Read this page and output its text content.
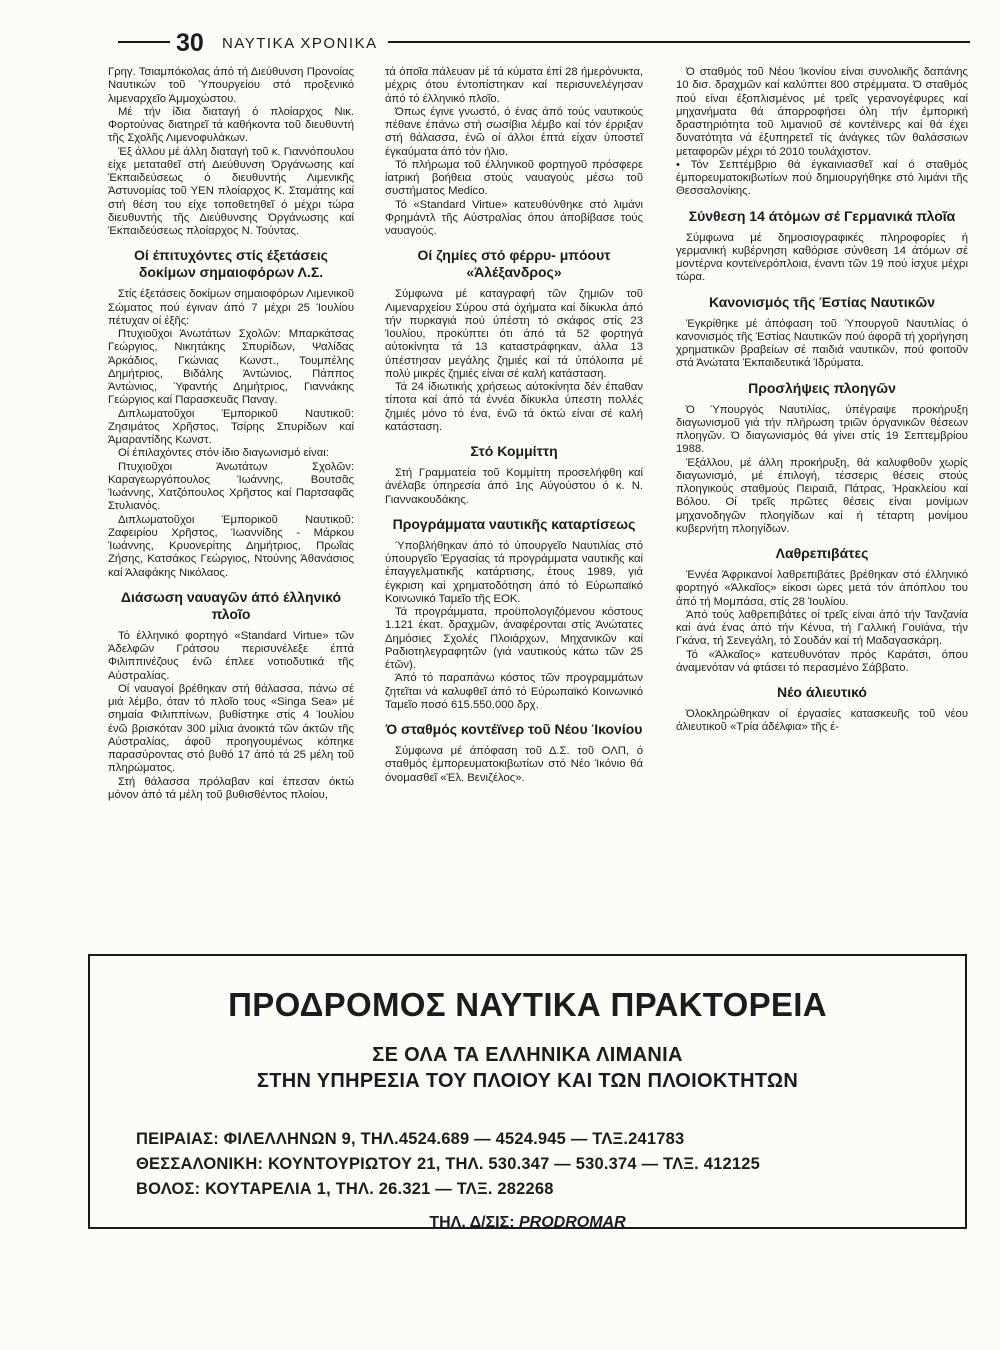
30 ΝΑΥΤΙΚΑ ΧΡΟΝΙΚΑ

Γρηγ. Τσιαμπόκολας άπό τή Διεύθυνση Προνοίας Ναυτικών τοῦ Ύπουργείου στό προξενικό λιμεναρχεῖο Άμμοχώστου.

Μέ τήν ίδια διαταγή ό πλοίαρχος Νικ. Φορτούνας διατηρεῖ τά καθήκοντα τοῦ διευθυντή τῆς Σχολῆς Λιμενοφυλάκων.

Έξ άλλου μέ άλλη διαταγή τοῦ κ. Γιαννόπουλου είχε μεταταθεῖ στή Διεύθυνση Όργάνωσης καί Έκπαιδεύσεως ό διευθυντής Λιμενικῆς Άστυνομίας τοῦ ΥΕΝ πλοίαρχος Κ. Σταμάτης καί στή θέση του είχε τοποθετηθεῖ ό μέχρι τώρα διευθυντής τῆς Διεύθυνσης Όργάνωσης καί Έκπαιδεύσεως πλοίαρχος Ν. Τούντας.

Οί έπιτυχόντες στίς έξετάσεις δοκίμων σημαιοφόρων Λ.Σ.

Στίς έξετάσεις δοκίμων σημαιοφόρων Λιμενικοῦ Σώματος πού έγιναν άπό 7 μέχρι 25 Ίουλίου πέτυχαν οί έξῆς:

Πτυχιοῦχοι Άνωτάτων Σχολῶν: Μπαρκάτσας Γεώργιος, Νικητάκης Σπυρίδων, Ψαλίδας Άρκάδιος, Γκώνιας Κωνστ., Τουμπέλης Δημήτριος, Βιδάλης Άντώνιος, Πάππος Άντώνιος, Ύφαντής Δημήτριος, Γιαννάκης Γεώργιος καί Παρασκευᾶς Παναγ.

Διπλωματοῦχοι Έμπορικοῦ Ναυτικοῦ: Ζησιμάτος Χρῆστος, Τσίρης Σπυρίδων καί Άμαραντίδης Κωνστ.

Οί έπιλαχόντες στόν ίδιο διαγωνισμό είναι:

Πτυχιοῦχοι Άνωτάτων Σχολῶν: Καραγεωργόπουλος Ίωάννης, Βουτσᾶς Ίωάννης, Χατζόπουλος Χρῆστος καί Παρτσαφᾶς Στυλιανός.

Διπλωματοῦχοι Έμπορικοῦ Ναυτικοῦ: Ζαφειρίου Χρῆστος, Ίωαννίδης - Μάρκου Ίωάννης, Κρυονερίτης Δημήτριος, Πρωΐας Ζήσης, Κατσάκος Γεώργιος, Ντούνης Άθανάσιος καί Άλαφάκης Νικόλαος.

Διάσωση ναυαγῶν άπό έλληνικό πλοῖο

Τό έλληνικό φορτηγό «Standard Virtue» τῶν Άδελφῶν Γράτσου περισυνέλεξε έπτά Φιλιππινέζους ένῶ έπλεε νοτιοδυτικά τῆς Αύστραλίας.

Οί ναυαγοί βρέθηκαν στή θάλασσα, πάνω σέ μιά λέμβο, όταν τό πλοῖο τους «Singa Sea» μέ σημαία Φιλιππίνων, βυθίστηκε στίς 4 Ίουλίου ένῶ βρισκόταν 300 μίλια άνοικτά τῶν άκτῶν τῆς Αύστραλίας, άφοῦ προηγουμένως κόπηκε παρασύροντας στό βυθό 17 άπό τά 25 μέλη τοῦ πληρώματος.

Στή θάλασσα πρόλαβαν καί έπεσαν όκτώ μόνον άπό τά μέλη τοῦ βυθισθέντος πλοίου,

τά όποῖα πάλευαν μέ τά κύματα έπί 28 ήμερόνυκτα, μέχρις ότου έντοπίστηκαν καί περισυνελέγησαν άπό τό έλληνικό πλοῖο.

Όπως έγινε γνωστό, ό ένας άπό τούς ναυτικούς πέθανε έπάνω στή σωσίβια λέμβο καί τόν έρριξαν στή θάλασσα, ένῶ οί άλλοι έπτά είχαν ύποστεῖ έγκαύματα άπό τόν ήλιο.

Τό πλήρωμα τοῦ έλληνικοῦ φορτηγοῦ πρόσφερε ίατρική βοήθεια στούς ναυαγούς μέσω τοῦ συστήματος Medico.

Τό «Standard Virtue» κατευθύνθηκε στό λιμάνι Φρημάντλ τῆς Αύστραλίας όπου άποβίβασε τούς ναυαγούς.

Οί ζημίες στό φέρρυ- μπόουτ «Άλέξανδρος»

Σύμφωνα μέ καταγραφή τῶν ζημιῶν τοῦ Λιμεναρχείου Σύρου στά όχήματα καί δίκυκλα άπό τήν πυρκαγιά πού ύπέστη τό σκάφος στίς 23 Ίουλίου, προκύπτει ότι άπό τά 52 φορτηγά αύτοκίνητα τά 13 καταστράφηκαν, άλλα 13 ύπέστησαν μεγάλης ζημιές καί τά ύπόλοιπα μέ πολύ μικρές ζημιές είναι σέ καλή κατάσταση.

Τά 24 ίδιωτικής χρήσεως αύτοκίνητα δέν έπαθαν τίποτα καί άπό τά έννέα δίκυκλα ύπεστη πολλές ζημιές μόνο τό ένα, ένῶ τά όκτώ είναι σέ καλή κατάσταση.

Στό Κομμίττη

Στή Γραμματεία τοῦ Κομμίττη προσελήφθη καί άνέλαβε ύπηρεσία άπό 1ης Αύγούστου ό κ. Ν. Γιαννακουδάκης.

Προγράμματα ναυτικῆς καταρτίσεως

Ύποβλήθηκαν άπό τό ύπουργεῖο Ναυτιλίας στό ύπουργεῖο Έργασίας τά προγράμματα ναυτικῆς καί έπαγγελματικῆς κατάρτισης, έτους 1989, γιά έγκριση καί χρηματοδότηση άπό τό Εύρωπαϊκό Κοινωνικό Ταμεῖο τῆς ΕΟΚ.

Τά προγράμματα, προϋπολογιζόμενου κόστους 1.121 έκατ. δραχμῶν, άναφέρονται στίς Άνώτατες Δημόσιες Σχολές Πλοιάρχων, Μηχανικῶν καί Ραδιοτηλεγραφητῶν (γιά ναυτικούς κάτω τῶν 25 έτῶν).

Άπό τό παραπάνω κόστος τῶν προγραμμάτων ζητεῖται νά καλυφθεῖ άπό τό Εύρωπαϊκό Κοινωνικό Ταμεῖο ποσό 615.550.000 δρχ.

Ό σταθμός κοντέϊνερ τοῦ Νέου Ίκονίου

Σύμφωνα μέ άπόφαση τοῦ Δ.Σ. τοῦ ΟΛΠ, ό σταθμός έμπορευματοκιβωτίων στό Νέο Ίκόνιο θά όνομασθεῖ «Έλ. Βενιζέλος».

Ό σταθμός τοῦ Νέου Ίκονίου είναι συνολικῆς δαπάνης 10 δισ. δραχμῶν καί καλύπτει 800 στρέμματα. Ό σταθμός πού είναι έξοπλισμένος μέ τρεῖς γερανογέφυρες καί μηχανήματα θά άπορροφήσει όλη τήν έμπορική δραστηριότητα τοῦ λιμανιοῦ σέ κοντέϊνερς καί θά έχει δυνατότητα νά έξυπηρετεῖ τίς άνάγκες τῶν θαλάσσιων μεταφορῶν μέχρι τό 2010 τουλάχιστον.

• Τόν Σεπτέμβριο θά έγκαινιασθεῖ καί ό σταθμός έμπορευματοκιβωτίων πού δημιουργήθηκε στό λιμάνι τῆς Θεσσαλονίκης.

Σύνθεση 14 άτόμων σέ Γερμανικά πλοῖα

Σύμφωνα μέ δημοσιογραφικές πληροφορίες ή γερμανική κυβέρνηση καθόρισε σύνθεση 14 άτόμων σέ μοντέρνα κοντεϊνερόπλοια, έναντι τῶν 19 πού ίσχυε μέχρι τώρα.

Κανονισμός τῆς Έστίας Ναυτικῶν

Έγκρίθηκε μέ άπόφαση τοῦ Ύπουργοῦ Ναυτιλίας ό κανονισμός τῆς Έστίας Ναυτικῶν πού άφορᾶ τή χορήγηση χρηματικῶν βραβείων σέ παιδιά ναυτικῶν, πού φοιτοῦν στά Άνώτατα Έκπαιδευτικά Ίδρύματα.

Προσλήψεις πλοηγῶν

Ό Ύπουργός Ναυτιλίας, ύπέγραψε προκήρυξη διαγωνισμοῦ γιά τήν πλήρωση τριῶν όργανικῶν θέσεων πλοηγῶν. Ό διαγωνισμός θά γίνει στίς 19 Σεπτεμβρίου 1988.

Έξάλλου, μέ άλλη προκήρυξη, θά καλυφθοῦν χωρίς διαγωνισμό, μέ έπιλογή, τέσσερις θέσεις στούς πλοηγικούς σταθμούς Πειραιᾶ, Πάτρας, Ήρακλείου καί Βόλου. Οί τρεῖς πρῶτες θέσεις είναι μονίμων μηχανοδηγῶν πλοηγίδων καί ή τέταρτη μονίμου κυβερνήτη πλοηγίδων.

Λαθρεπιβάτες

Έννέα Άφρικανοί λαθρεπιβάτες βρέθηκαν στό έλληνικό φορτηγό «Άλκαῖος» είκοσι ώρες μετά τόν άπόπλου του άπό τή Μομπάσα, στίς 28 Ίουλίου.

Άπό τούς λαθρεπιβάτες οί τρεῖς είναι άπό τήν Τανζανία καί άνά ένας άπό τήν Κένυα, τή Γαλλική Γουϊάνα, τήν Γκάνα, τή Σενεγάλη, τό Σουδάν καί τή Μαδαγασκάρη.

Τό «Άλκαῖος» κατευθυνόταν πρός Καράτσι, όπου άναμενόταν νά φτάσει τό περασμένο Σάββατο.

Νέο άλιευτικό

Όλοκληρώθηκαν οί έργασίες κατασκευῆς τοῦ νέου άλιευτικοῦ «Τρία άδέλφια» τῆς έ-

ΠΡΟΔΡΟΜΟΣ ΝΑΥΤΙΚΑ ΠΡΑΚΤΟΡΕΙΑ
ΣΕ ΟΛΑ ΤΑ ΕΛΛΗΝΙΚΑ ΛΙΜΑΝΙΑ
ΣΤΗΝ ΥΠΗΡΕΣΙΑ ΤΟΥ ΠΛΟΙΟΥ ΚΑΙ ΤΩΝ ΠΛΟΙΟΚΤΗΤΩΝ
ΠΕΙΡΑΙΑΣ: ΦΙΛΕΛΛΗΝΩΝ 9, ΤΗΛ.4524.689 — 4524.945 — ΤΛΞ.241783
ΘΕΣΣΑΛΟΝΙΚΗ: ΚΟΥΝΤΟΥΡΙΩΤΟΥ 21, ΤΗΛ. 530.347 — 530.374 — ΤΛΞ. 412125
ΒΟΛΟΣ: ΚΟΥΤΑΡΕΛΙΑ 1, ΤΗΛ. 26.321 — ΤΛΞ. 282268
ΤΗΛ. Δ/ΣΙΣ: PRODROMAR
